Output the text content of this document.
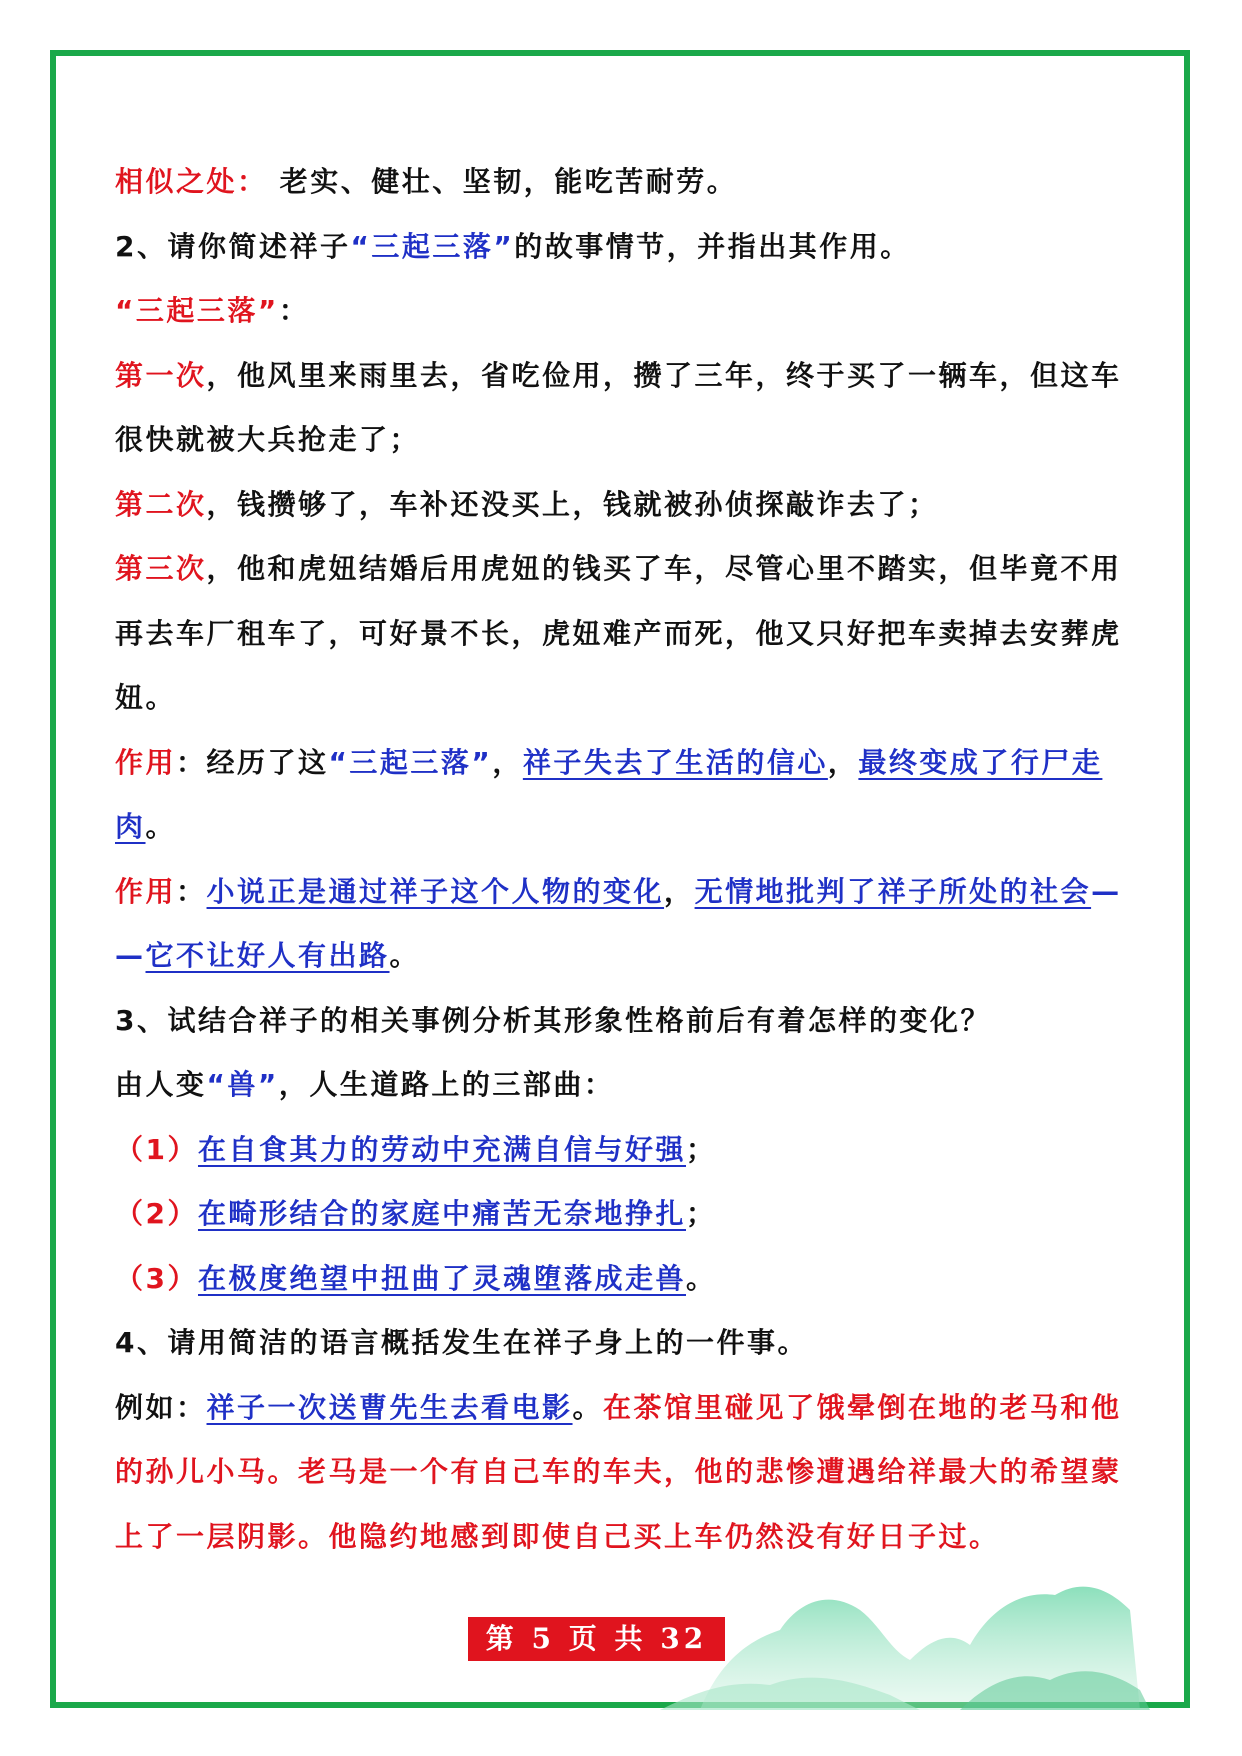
相似之处： 老实、健壮、坚韧，能吃苦耐劳。
2、请你简述祥子“三起三落”的故事情节，并指出其作用。
“三起三落”：
第一次，他风里来雨里去，省吃俭用，攒了三年，终于买了一辆车，但这车
很快就被大兵抢走了；
第二次，钱攒够了，车补还没买上，钱就被孙侦探敲诈去了；
第三次，他和虎妞结婚后用虎妞的钱买了车，尽管心里不踏实，但毕竟不用
再去车厂租车了，可好景不长，虎妞难产而死，他又只好把车卖掉去安葬虎
妞。
作用：经历了这“三起三落”，祥子失去了生活的信心，最终变成了行尸走
肉。
作用：小说正是通过祥子这个人物的变化，无情地批判了祥子所处的社会—
—它不让好人有出路。
3、试结合祥子的相关事例分析其形象性格前后有着怎样的变化？
由人变“兽”，人生道路上的三部曲：
（1）在自食其力的劳动中充满自信与好强；
（2）在畸形结合的家庭中痛苦无奈地挣扎；
（3）在极度绝望中扭曲了灵魂堕落成走兽。
4、请用简洁的语言概括发生在祥子身上的一件事。
例如：祥子一次送曹先生去看电影。在茶馆里碰见了饿晕倒在地的老马和他
的孙儿小马。老马是一个有自己车的车夫，他的悲惨遭遇给祥最大的希望蒙
上了一层阴影。他隐约地感到即使自己买上车仍然没有好日子过。
第 5 页 共 32 页
